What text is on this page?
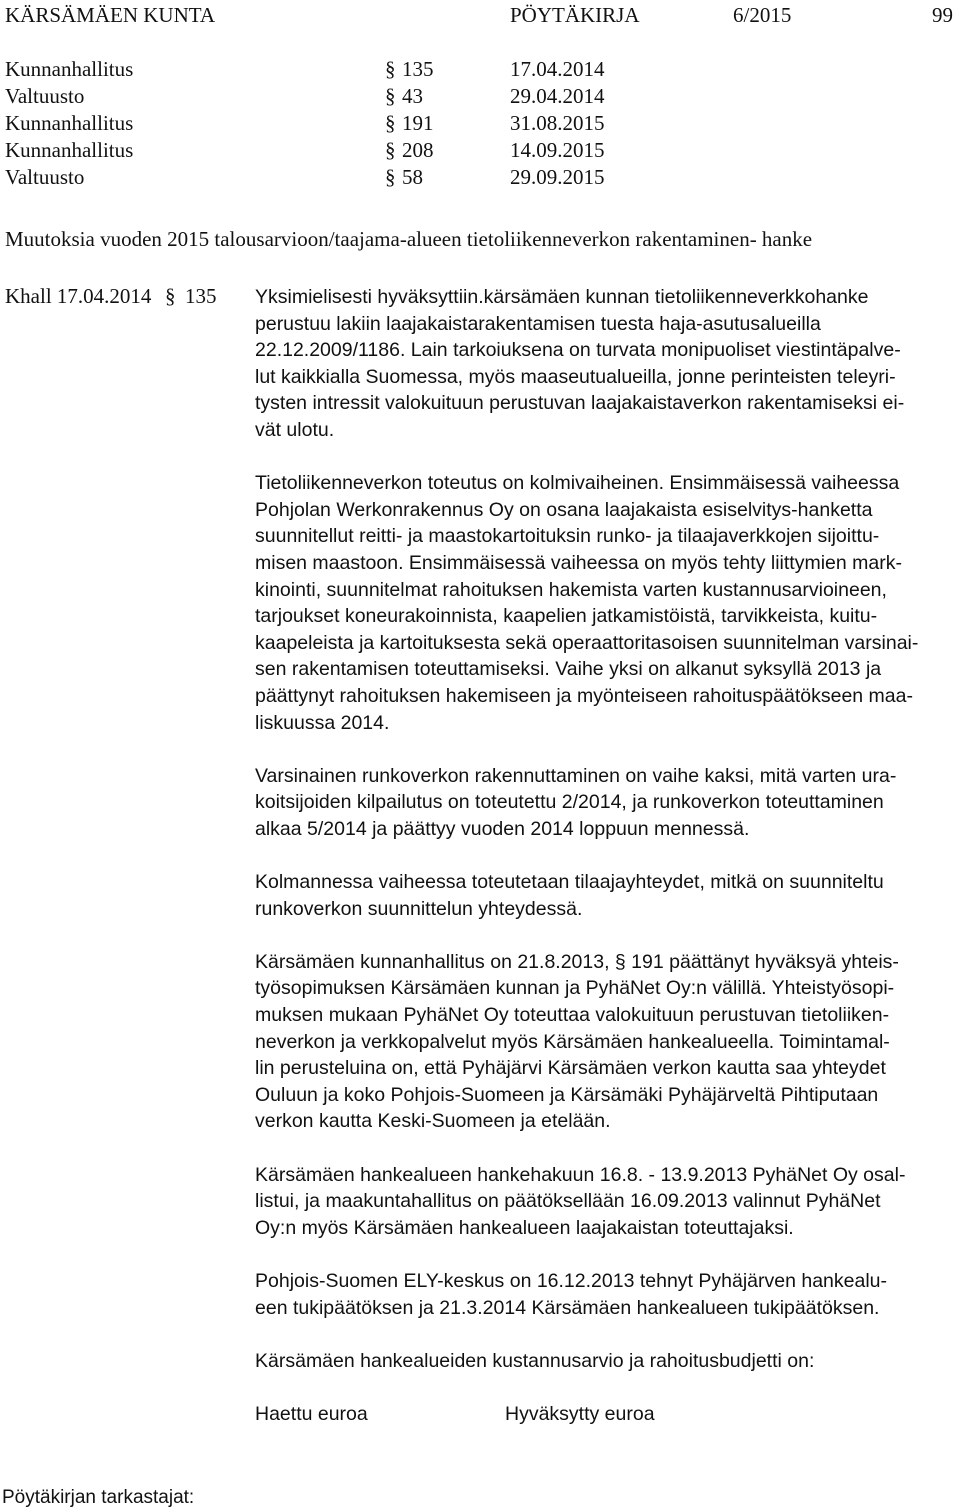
KÄRSÄMÄEN KUNTA	PÖYTÄKIRJA	6/2015	99
Kunnanhallitus	§ 135	17.04.2014
Valtuusto	§ 43	29.04.2014
Kunnanhallitus	§ 191	31.08.2015
Kunnanhallitus	§ 208	14.09.2015
Valtuusto	§ 58	29.09.2015
Muutoksia vuoden 2015 talousarvioon/taajama-alueen tietoliikenneverkon rakentaminen- hanke
Khall 17.04.2014 § 135 Yksimielisesti hyväksyttiin.kärsämäen kunnan tietoliikenneverkkohanke

perustuu lakiin laajakaistarakentamisen tuesta haja-asutusalueilla

22.12.2009/1186. Lain tarkoiuksena on turvata monipuoliset viestintäpalve-

lut kaikkialla Suomessa, myös maaseutualueilla, jonne perinteisten teleyri-

tysten intressit valokuituun perustuvan laajakaistaverkon rakentamiseksi ei-

vät ulotu.

Tietoliikenneverkon toteutus on kolmivaiheinen. Ensimmäisessä vaiheessa

Pohjolan Werkonrakennus Oy on osana laajakaista esiselvitys-hanketta

suunnitellut reitti- ja maastokartoituksin runko- ja tilaajaverkkojen sijoittu-

misen maastoon. Ensimmäisessä vaiheessa on myös tehty liittymien mark-

kinointi, suunnitelmat rahoituksen hakemista varten kustannusarvioineen,

tarjoukset koneurakoinnista, kaapelien jatkamistöistä, tarvikkeista, kuitu-

kaapeleista ja kartoituksesta sekä operaattoritasoisen suunnitelman varsinai-

sen rakentamisen toteuttamiseksi. Vaihe yksi on alkanut syksyllä 2013 ja

päättynyt rahoituksen hakemiseen ja myönteiseen rahoituspäätökseen maa-

liskuussa 2014.

Varsinainen runkoverkon rakennuttaminen on vaihe kaksi, mitä varten ura-

koitsijoiden kilpailutus on toteutettu 2/2014, ja runkoverkon toteuttaminen

alkaa 5/2014 ja päättyy vuoden 2014 loppuun mennessä.

Kolmannessa vaiheessa toteutetaan tilaajayhteydet, mitkä on suunniteltu

runkoverkon suunnittelun yhteydessä.

Kärsämäen kunnanhallitus on 21.8.2013, § 191 päättänyt hyväksyä yhteis-

työsopimuksen Kärsämäen kunnan ja PyhäNet Oy:n välillä. Yhteistyösopi-

muksen mukaan PyhäNet Oy toteuttaa valokuituun perustuvan tietoliiken-

neverkon ja verkkopalvelut myös Kärsämäen hankealueella. Toimintamal-

lin perusteluina on, että Pyhäjärvi Kärsämäen verkon kautta saa yhteydet

Ouluun ja koko Pohjois-Suomeen ja Kärsämäki Pyhäjärveltä Pihtiputaan

verkon kautta Keski-Suomeen ja etelään.

Kärsämäen hankealueen hankehakuun 16.8. - 13.9.2013 PyhäNet Oy osal-

listui, ja maakuntahallitus on päätöksellään 16.09.2013 valinnut PyhäNet

Oy:n myös Kärsämäen hankealueen laajakaistan toteuttajaksi.

Pohjois-Suomen ELY-keskus on 16.12.2013 tehnyt Pyhäjärven hankealu-

een tukipäätöksen ja 21.3.2014 Kärsämäen hankealueen tukipäätöksen.

Kärsämäen hankealueiden kustannusarvio ja rahoitusbudjetti on:

Haettu euroa	Hyväksytty euroa

Pöytäkirjan tarkastajat:
